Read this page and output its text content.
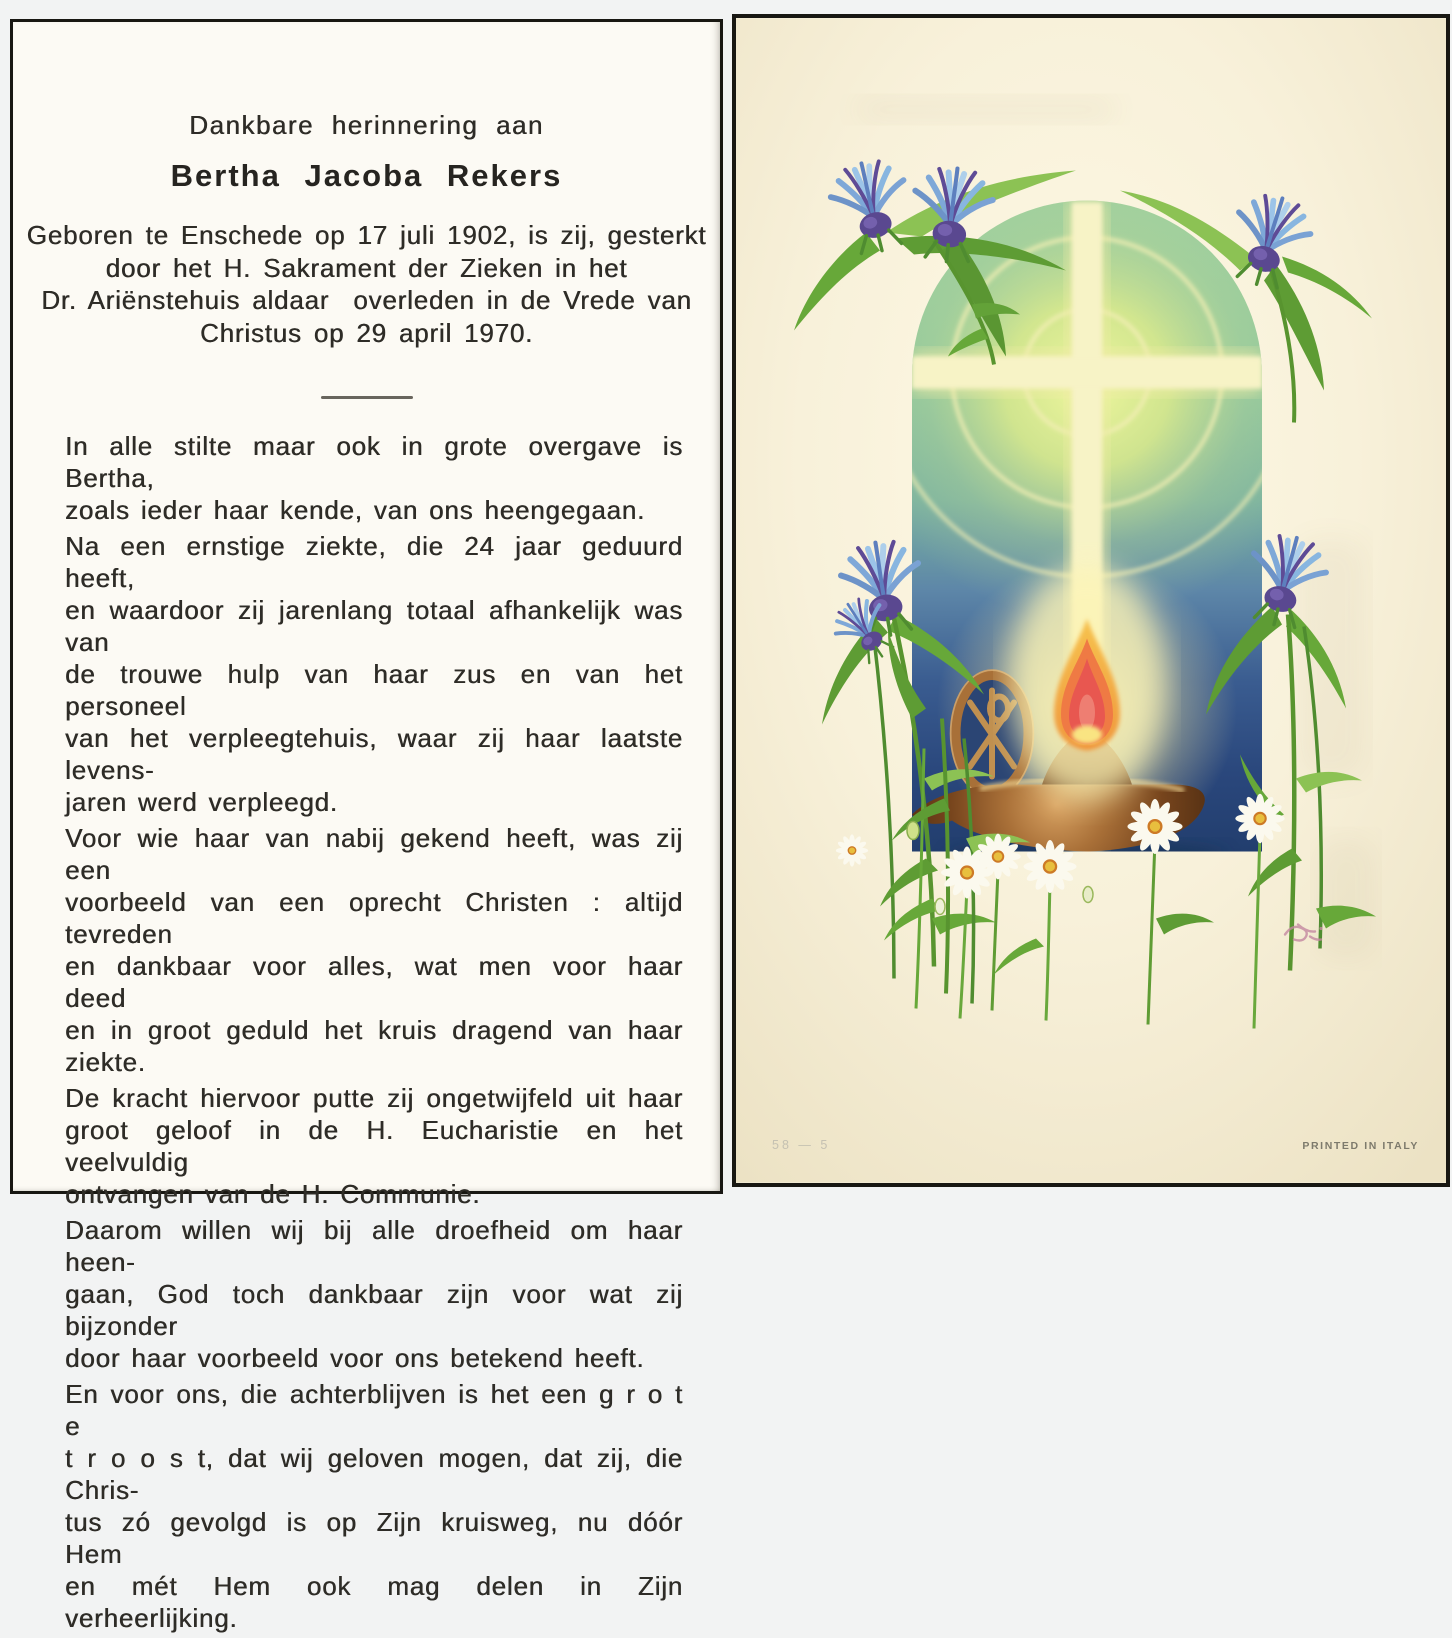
Dankbare herinnering aan
Bertha Jacoba Rekers
Geboren te Enschede op 17 juli 1902, is zij, gesterkt
door het H. Sakrament der Zieken in het
Dr. Ariënstehuis aldaar  overleden in de Vrede van
Christus op 29 april 1970.
In alle stilte maar ook in grote overgave is Bertha,
zoals ieder haar kende, van ons heengegaan.
Na een ernstige ziekte, die 24 jaar geduurd heeft,
en waardoor zij jarenlang totaal afhankelijk was van
de trouwe hulp van haar zus en van het personeel
van het verpleegtehuis, waar zij haar laatste levens-
jaren werd verpleegd.
Voor wie haar van nabij gekend heeft, was zij een
voorbeeld van een oprecht Christen : altijd tevreden
en dankbaar voor alles, wat men voor haar deed
en in groot geduld het kruis dragend van haar ziekte.
De kracht hiervoor putte zij ongetwijfeld uit haar
groot geloof in de H. Eucharistie en het veelvuldig
ontvangen van de H. Communie.
Daarom willen wij bij alle droefheid om haar heen-
gaan, God toch dankbaar zijn voor wat zij bijzonder
door haar voorbeeld voor ons betekend heeft.
En voor ons, die achterblijven is het een g r o t e
t r o o s t, dat wij geloven mogen, dat zij, die Chris-
tus zó gevolgd is op Zijn kruisweg, nu dóór Hem
en mét Hem ook mag delen in Zijn verheerlijking.
58 — 5	PRINTED IN ITALY
